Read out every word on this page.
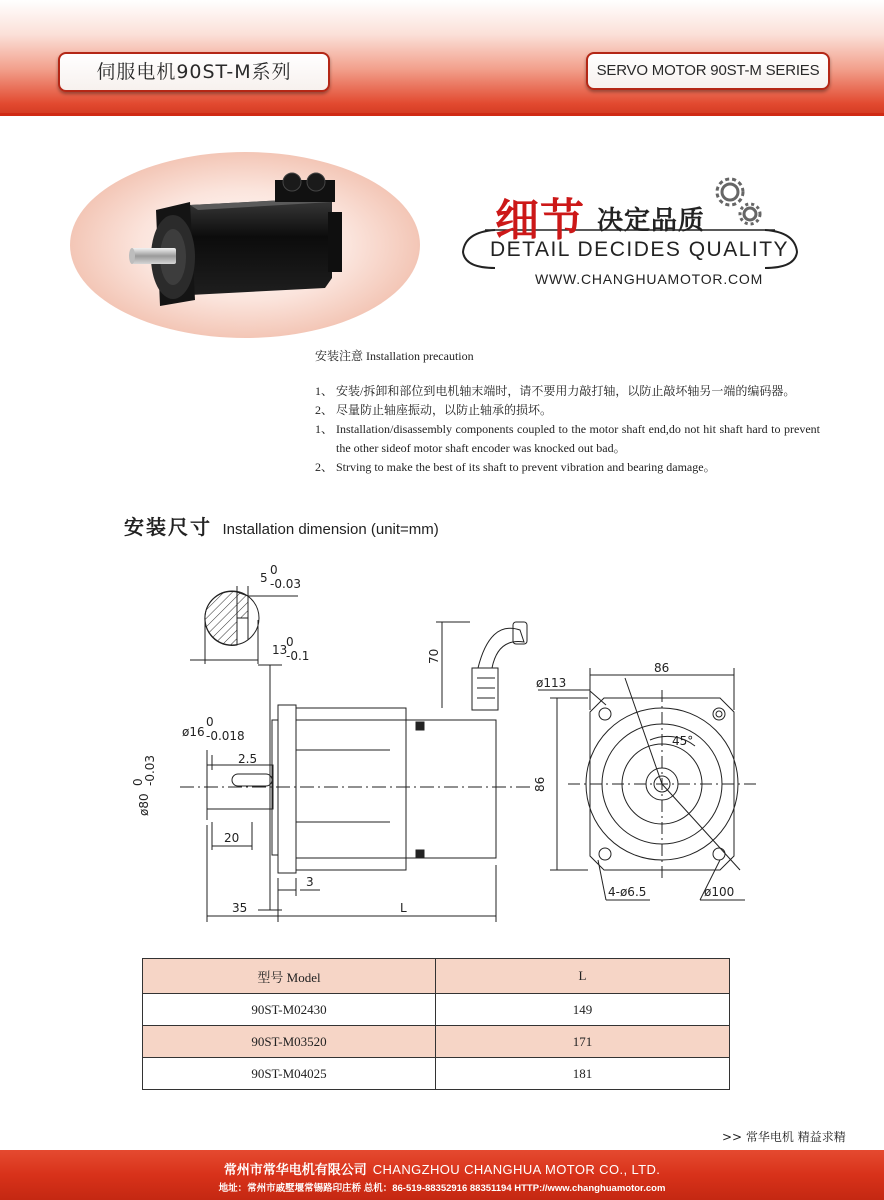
伺服电机90ST-M系列	SERVO MOTOR 90ST-M SERIES
细节 决定品质
DETAIL DECIDES QUALITY
WWW.CHANGHUAMOTOR.COM
安装注意 Installation precaution
1、 安装/拆卸和部位到电机轴末端时，请不要用力敲打轴，以防止敲坏轴另一端的编码器。
2、 尽量防止轴座振动，以防止轴承的损坏。
1、 Installation/disassembly components coupled to the motor shaft end,do not hit shaft hard to prevent the other sideof motor shaft encoder was knocked out bad。
2、 Strving to make the best of its shaft to prevent vibration and bearing damage。
安装尺寸 Installation dimension (unit=mm)
5
0
-0.03
13
0
-0.1
ø16
0
-0.018
2.5
20
3
35	L
70
ø80
0
-0.03
86
86
ø113
45°
4-ø6.5	ø100
型号 Model	L
90ST-M02430	149
90ST-M03520	171
90ST-M04025	181
>> 常华电机 精益求精
常州市常华电机有限公司 CHANGZHOU CHANGHUA MOTOR CO., LTD.
地址：常州市戚墅堰常锡路印庄桥 总机：86-519-88352916 88351194 HTTP://www.changhuamotor.com
